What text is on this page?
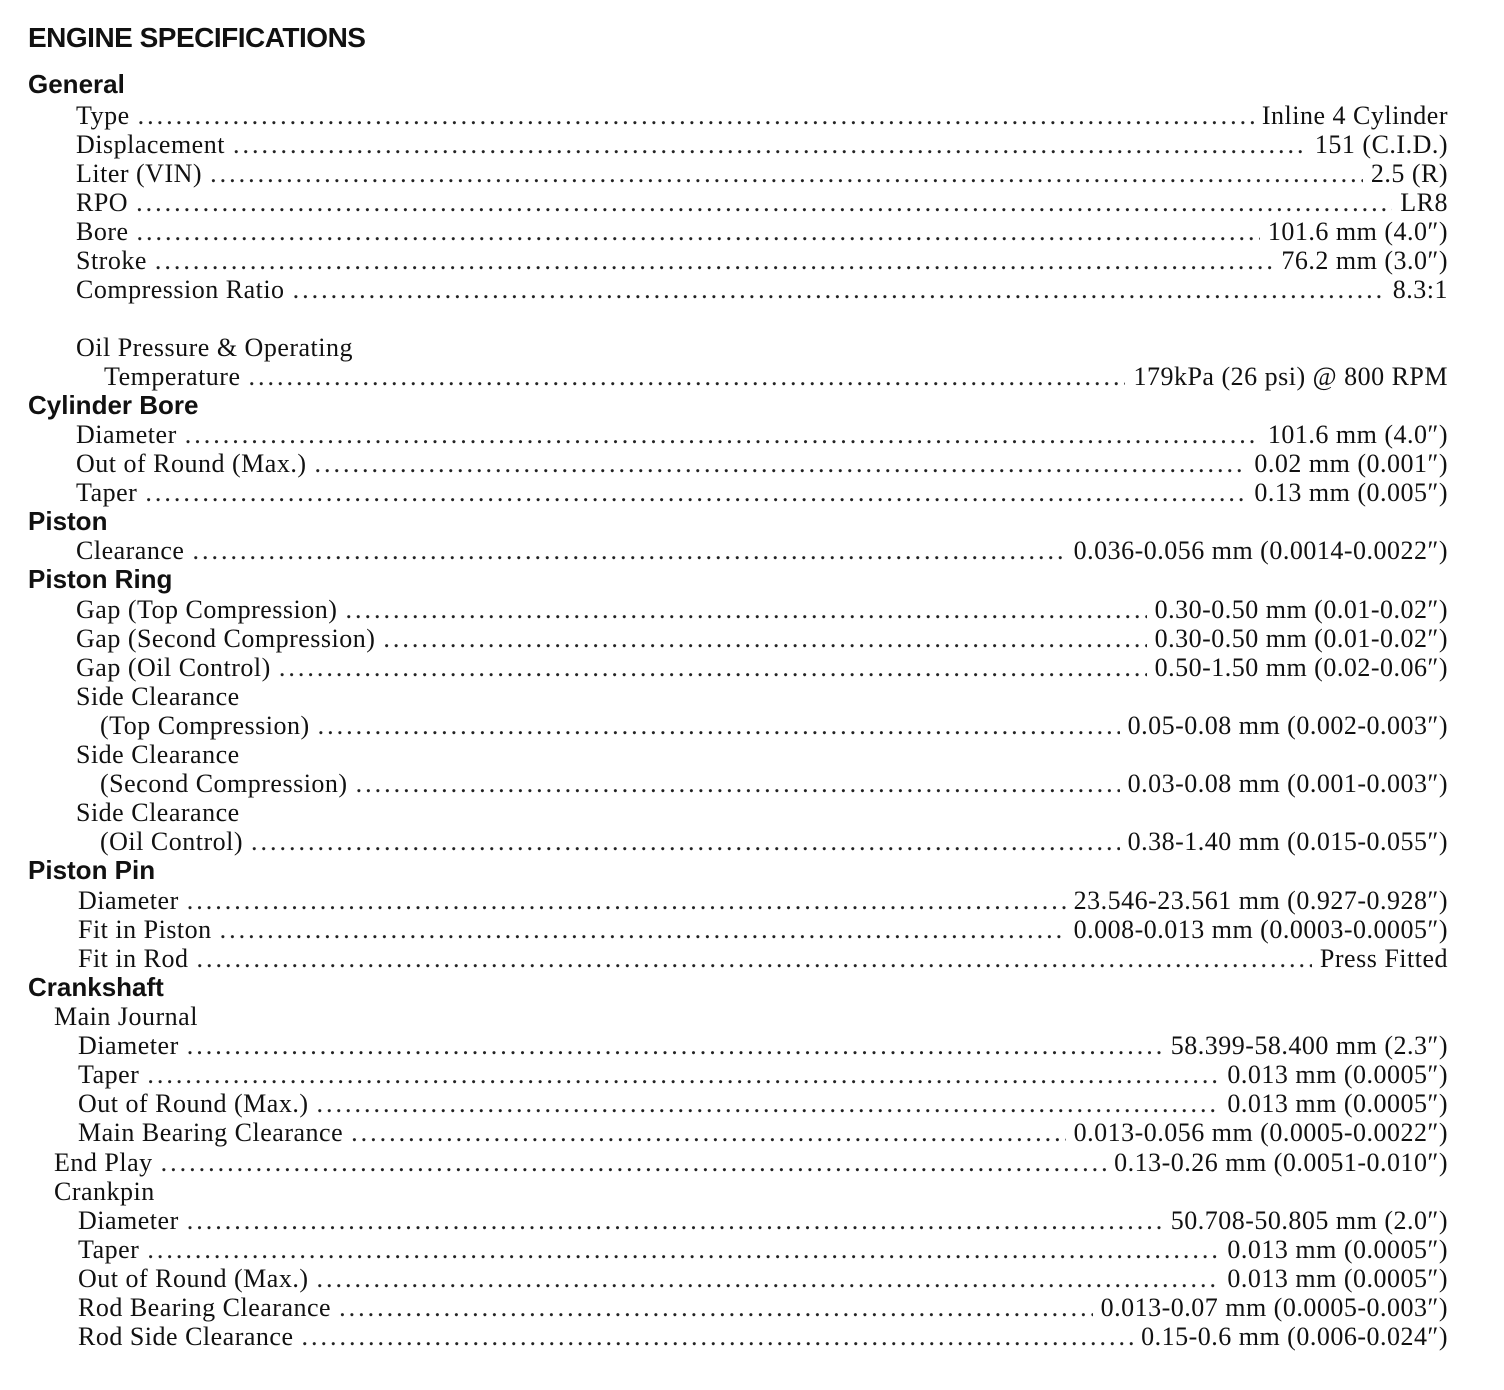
ENGINE SPECIFICATIONS
General
Type .....	Inline 4 Cylinder
Displacement .....	151 (C.I.D.)
Liter (VIN) .....	2.5 (R)
RPO .....	LR8
Bore .....	101.6 mm (4.0″)
Stroke .....	76.2 mm (3.0″)
Compression Ratio .....	8.3:1
Oil Pressure & Operating
Temperature .....	179kPa (26 psi) @ 800 RPM
Cylinder Bore
Diameter .....	101.6 mm (4.0″)
Out of Round (Max.) .....	0.02 mm (0.001″)
Taper .....	0.13 mm (0.005″)
Piston
Clearance .....	0.036-0.056 mm (0.0014-0.0022″)
Piston Ring
Gap (Top Compression) .....	0.30-0.50 mm (0.01-0.02″)
Gap (Second Compression) .....	0.30-0.50 mm (0.01-0.02″)
Gap (Oil Control) .....	0.50-1.50 mm (0.02-0.06″)
Side Clearance
(Top Compression) .....	0.05-0.08 mm (0.002-0.003″)
Side Clearance
(Second Compression) .....	0.03-0.08 mm (0.001-0.003″)
Side Clearance
(Oil Control) .....	0.38-1.40 mm (0.015-0.055″)
Piston Pin
Diameter .....	23.546-23.561 mm (0.927-0.928″)
Fit in Piston .....	0.008-0.013 mm (0.0003-0.0005″)
Fit in Rod .....	Press Fitted
Crankshaft
Main Journal
Diameter .....	58.399-58.400 mm (2.3″)
Taper .....	0.013 mm (0.0005″)
Out of Round (Max.) .....	0.013 mm (0.0005″)
Main Bearing Clearance .....	0.013-0.056 mm (0.0005-0.0022″)
End Play .....	0.13-0.26 mm (0.0051-0.010″)
Crankpin
Diameter .....	50.708-50.805 mm (2.0″)
Taper .....	0.013 mm (0.0005″)
Out of Round (Max.) .....	0.013 mm (0.0005″)
Rod Bearing Clearance .....	0.013-0.07 mm (0.0005-0.003″)
Rod Side Clearance .....	0.15-0.6 mm (0.006-0.024″)
